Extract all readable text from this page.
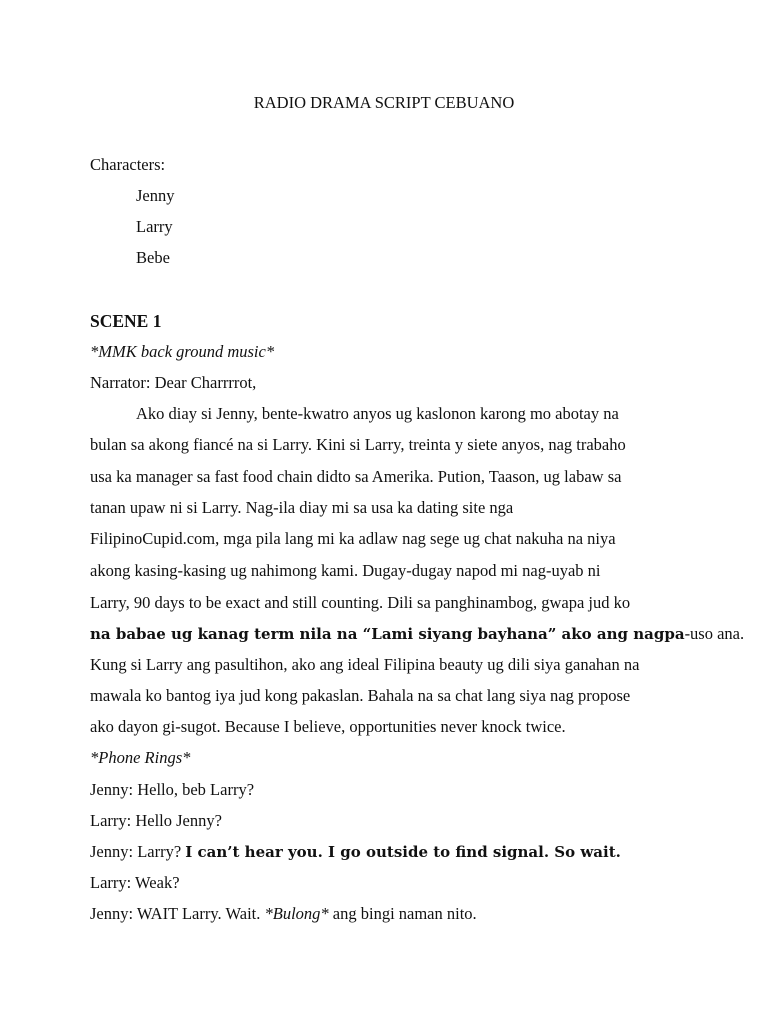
RADIO DRAMA SCRIPT CEBUANO
Characters:
Jenny
Larry
Bebe
SCENE 1
*MMK back ground music*
Narrator: Dear Charrrrot,
Ako diay si Jenny, bente-kwatro anyos ug kaslonon karong mo abotay na
bulan sa akong fiancé na si Larry. Kini si Larry, treinta y siete anyos, nag trabaho
usa ka manager sa fast food chain didto sa Amerika. Pution, Taason, ug labaw sa
tanan upaw ni si Larry. Nag-ila diay mi sa usa ka dating site nga
FilipinoCupid.com, mga pila lang mi ka adlaw nag sege ug chat nakuha na niya
akong kasing-kasing ug nahimong kami. Dugay-dugay napod mi nag-uyab ni
Larry, 90 days to be exact and still counting. Dili sa panghinambog, gwapa jud ko
na babae ug kanag term nila na “Lami siyang bayhana” ako ang nagpa-uso ana.
Kung si Larry ang pasultihon, ako ang ideal Filipina beauty ug dili siya ganahan na
mawala ko bantog iya jud kong pakaslan. Bahala na sa chat lang siya nag propose
ako dayon gi-sugot. Because I believe, opportunities never knock twice.
*Phone Rings*
Jenny: Hello, beb Larry?
Larry: Hello Jenny?
Jenny: Larry? I can’t hear you. I go outside to find signal. So wait.
Larry: Weak?
Jenny: WAIT Larry. Wait. *Bulong* ang bingi naman nito.
